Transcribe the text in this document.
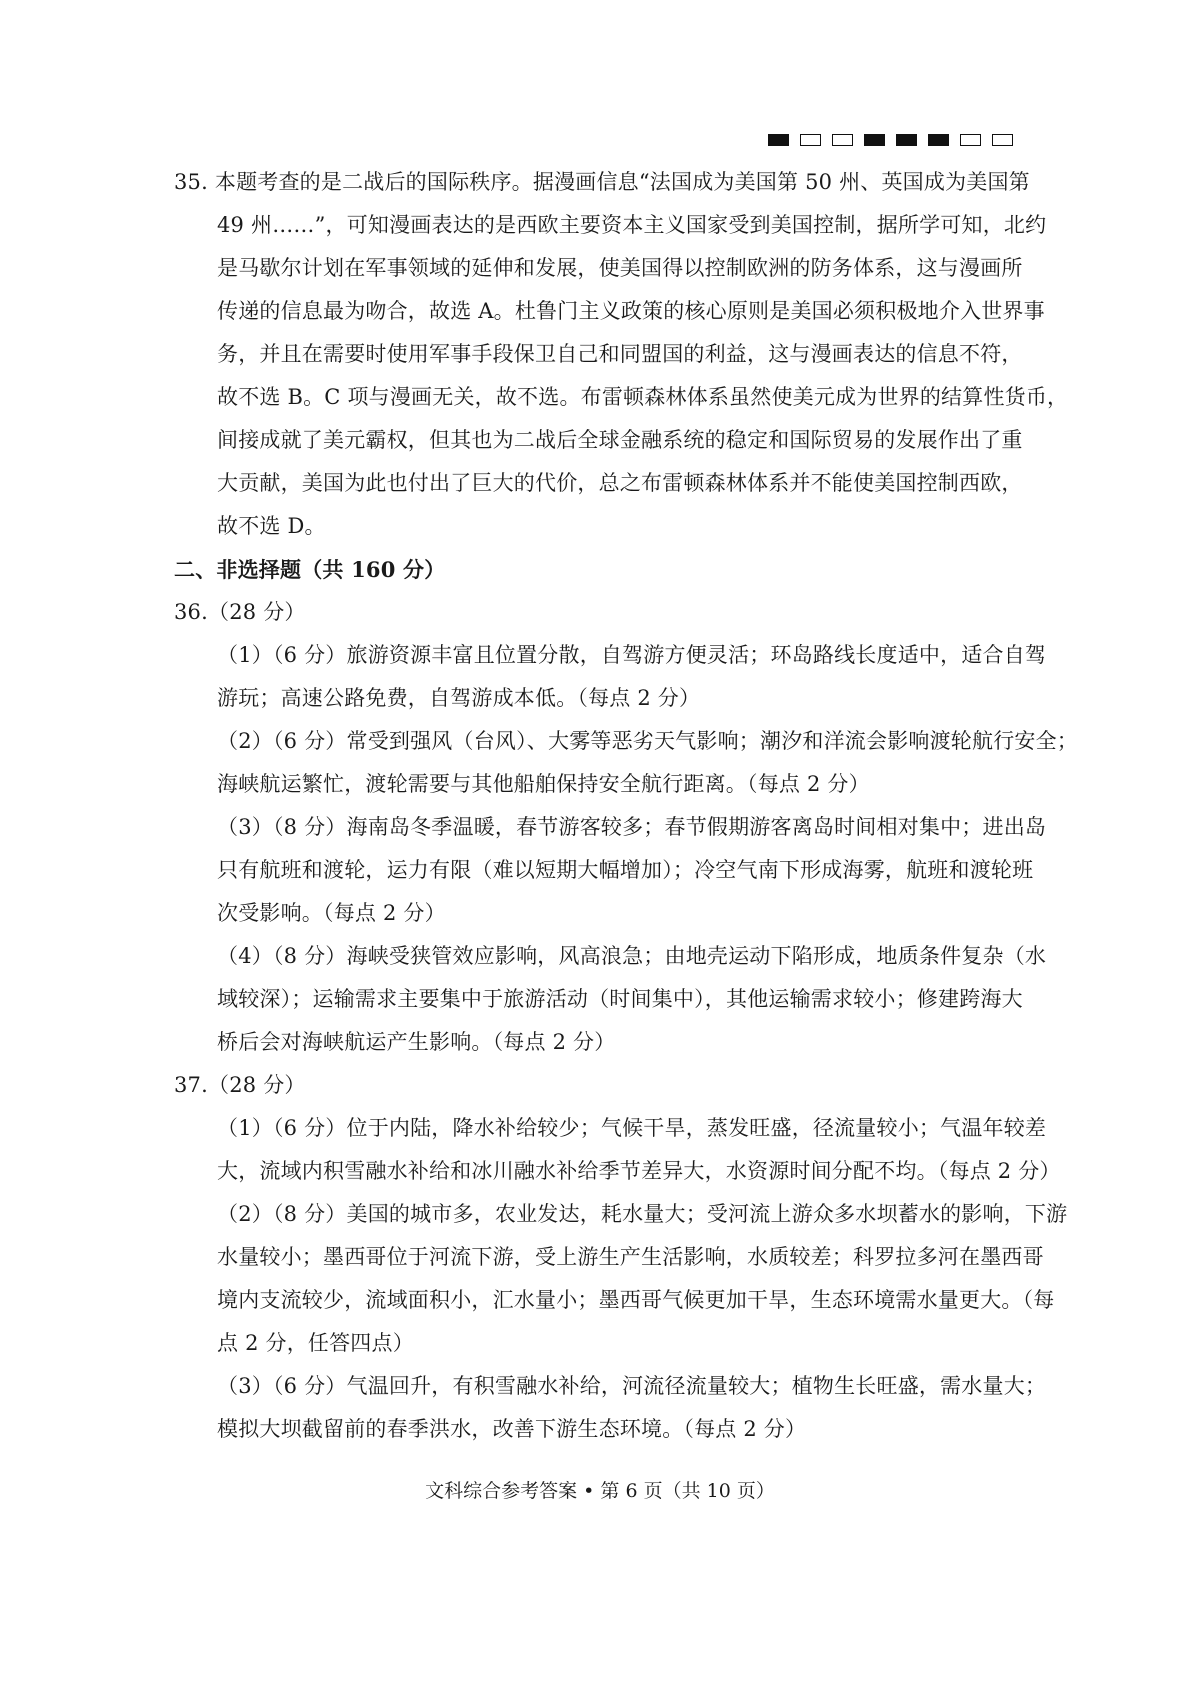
35. 本题考查的是二战后的国际秩序。据漫画信息“法国成为美国第 50 州、英国成为美国第
49 州……”，可知漫画表达的是西欧主要资本主义国家受到美国控制，据所学可知，北约
是马歇尔计划在军事领域的延伸和发展，使美国得以控制欧洲的防务体系，这与漫画所
传递的信息最为吻合，故选 A。杜鲁门主义政策的核心原则是美国必须积极地介入世界事
务，并且在需要时使用军事手段保卫自己和同盟国的利益，这与漫画表达的信息不符，
故不选 B。C 项与漫画无关，故不选。布雷顿森林体系虽然使美元成为世界的结算性货币，
间接成就了美元霸权，但其也为二战后全球金融系统的稳定和国际贸易的发展作出了重
大贡献，美国为此也付出了巨大的代价，总之布雷顿森林体系并不能使美国控制西欧，
故不选 D。
二、非选择题（共 160 分）
36.（28 分）
（1）（6 分）旅游资源丰富且位置分散，自驾游方便灵活；环岛路线长度适中，适合自驾
游玩；高速公路免费，自驾游成本低。（每点 2 分）
（2）（6 分）常受到强风（台风）、大雾等恶劣天气影响；潮汐和洋流会影响渡轮航行安全；
海峡航运繁忙，渡轮需要与其他船舶保持安全航行距离。（每点 2 分）
（3）（8 分）海南岛冬季温暖，春节游客较多；春节假期游客离岛时间相对集中；进出岛
只有航班和渡轮，运力有限（难以短期大幅增加）；冷空气南下形成海雾，航班和渡轮班
次受影响。（每点 2 分）
（4）（8 分）海峡受狭管效应影响，风高浪急；由地壳运动下陷形成，地质条件复杂（水
域较深）；运输需求主要集中于旅游活动（时间集中），其他运输需求较小；修建跨海大
桥后会对海峡航运产生影响。（每点 2 分）
37.（28 分）
（1）（6 分）位于内陆，降水补给较少；气候干旱，蒸发旺盛，径流量较小；气温年较差
大，流域内积雪融水补给和冰川融水补给季节差异大，水资源时间分配不均。（每点 2 分）
（2）（8 分）美国的城市多，农业发达，耗水量大；受河流上游众多水坝蓄水的影响，下游
水量较小；墨西哥位于河流下游，受上游生产生活影响，水质较差；科罗拉多河在墨西哥
境内支流较少，流域面积小，汇水量小；墨西哥气候更加干旱，生态环境需水量更大。（每
点 2 分，任答四点）
（3）（6 分）气温回升，有积雪融水补给，河流径流量较大；植物生长旺盛，需水量大；
模拟大坝截留前的春季洪水，改善下游生态环境。（每点 2 分）
文科综合参考答案 • 第 6 页（共 10 页）
